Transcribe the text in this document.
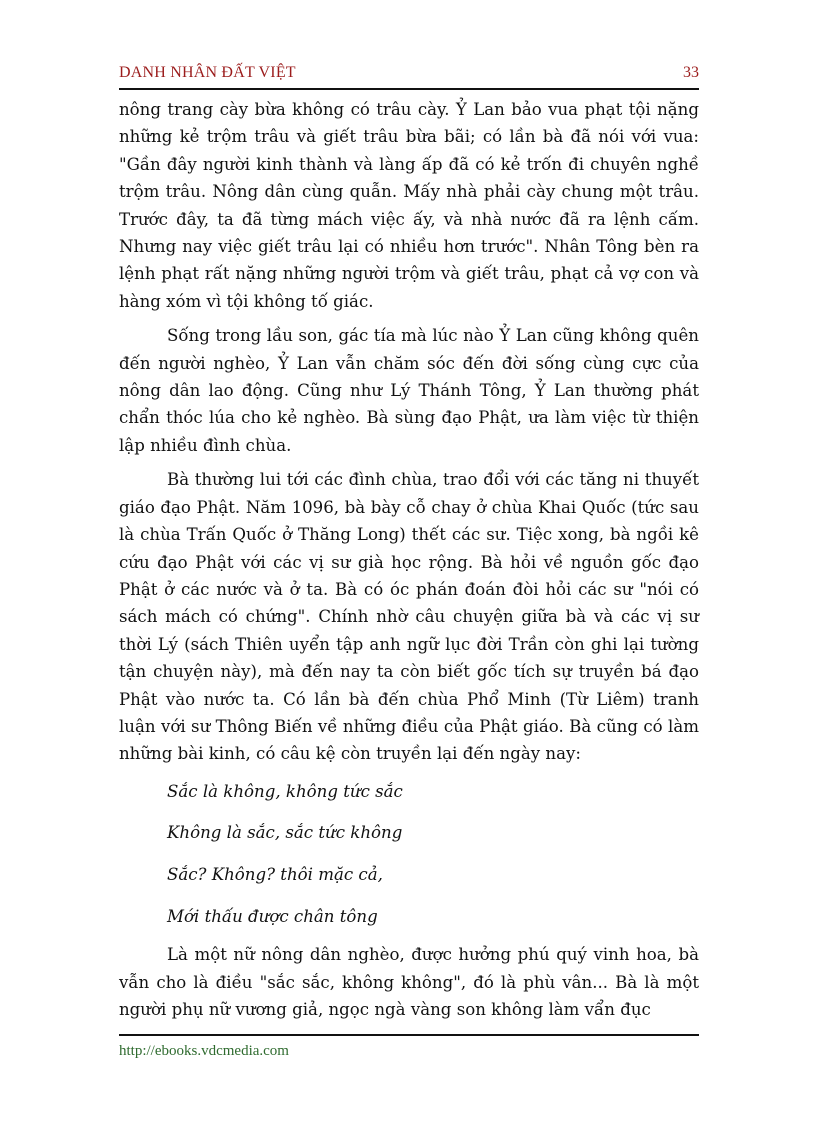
DANH NHÂN ĐẤT VIỆT	33

nông trang cày bừa không có trâu cày. Ỷ Lan bảo vua phạt tội nặng những kẻ trộm trâu và giết trâu bừa bãi; có lần bà đã nói với vua: "Gần đây người kinh thành và làng ấp đã có kẻ trốn đi chuyên nghề trộm trâu. Nông dân cùng quẫn. Mấy nhà phải cày chung một trâu. Trước đây, ta đã từng mách việc ấy, và nhà nước đã ra lệnh cấm. Nhưng nay việc giết trâu lại có nhiều hơn trước". Nhân Tông bèn ra lệnh phạt rất nặng những người trộm và giết trâu, phạt cả vợ con và hàng xóm vì tội không tố giác.

Sống trong lầu son, gác tía mà lúc nào Ỷ Lan cũng không quên đến người nghèo, Ỷ Lan vẫn chăm sóc đến đời sống cùng cực của nông dân lao động. Cũng như Lý Thánh Tông, Ỷ Lan thường phát chẩn thóc lúa cho kẻ nghèo. Bà sùng đạo Phật, ưa làm việc từ thiện lập nhiều đình chùa.

Bà thường lui tới các đình chùa, trao đổi với các tăng ni thuyết giáo đạo Phật. Năm 1096, bà bày cỗ chay ở chùa Khai Quốc (tức sau là chùa Trấn Quốc ở Thăng Long) thết các sư. Tiệc xong, bà ngồi kê cứu đạo Phật với các vị sư già học rộng. Bà hỏi về nguồn gốc đạo Phật ở các nước và ở ta. Bà có óc phán đoán đòi hỏi các sư "nói có sách mách có chứng". Chính nhờ câu chuyện giữa bà và các vị sư thời Lý (sách Thiên uyển tập anh ngữ lục đời Trần còn ghi lại tường tận chuyện này), mà đến nay ta còn biết gốc tích sự truyền bá đạo Phật vào nước ta. Có lần bà đến chùa Phổ Minh (Từ Liêm) tranh luận với sư Thông Biến về những điều của Phật giáo. Bà cũng có làm những bài kinh, có câu kệ còn truyền lại đến ngày nay:

Sắc là không, không tức sắc

Không là sắc, sắc tức không

Sắc? Không? thôi mặc cả,

Mới thấu được chân tông

Là một nữ nông dân nghèo, được hưởng phú quý vinh hoa, bà vẫn cho là điều "sắc sắc, không không", đó là phù vân... Bà là một người phụ nữ vương giả, ngọc ngà vàng son không làm vẩn đục

http://ebooks.vdcmedia.com
